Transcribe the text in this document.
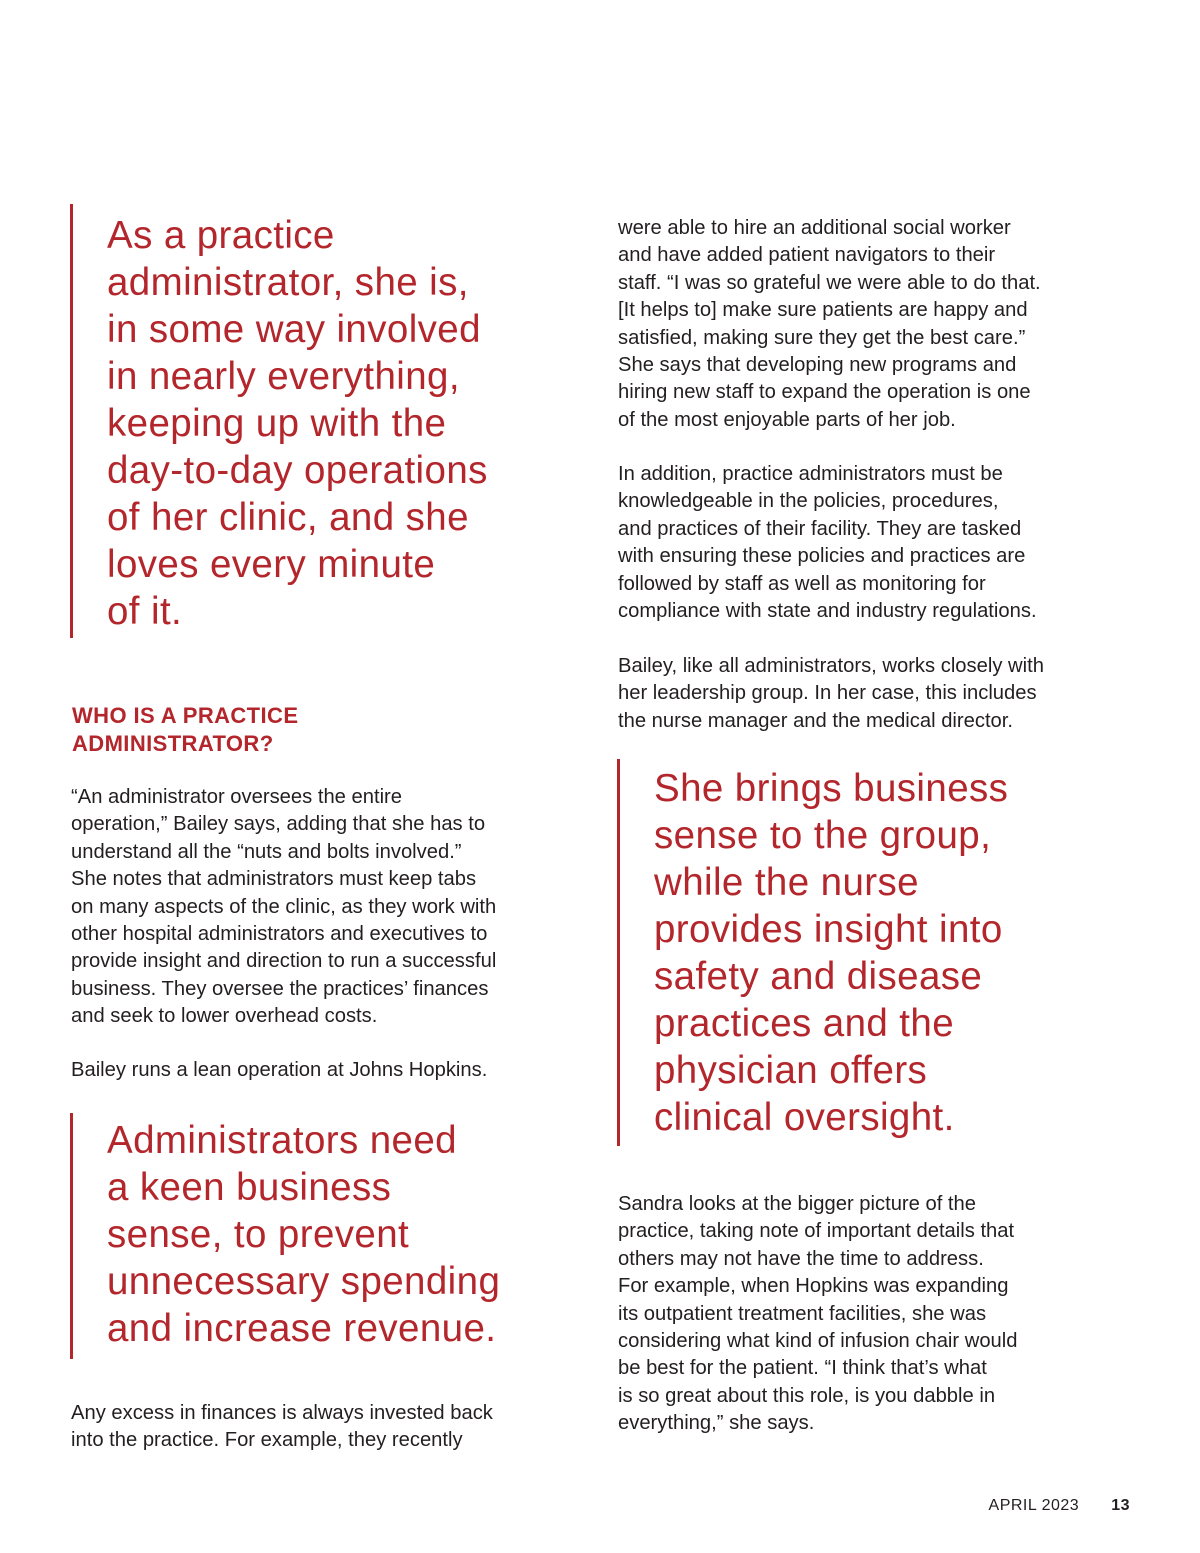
As a practice
administrator, she is,
in some way involved
in nearly everything,
keeping up with the
day-to-day operations
of her clinic, and she
loves every minute
of it.
WHO IS A PRACTICE
ADMINISTRATOR?
“An administrator oversees the entire
operation,” Bailey says, adding that she has to
understand all the “nuts and bolts involved.”
She notes that administrators must keep tabs
on many aspects of the clinic, as they work with
other hospital administrators and executives to
provide insight and direction to run a successful
business. They oversee the practices’ finances
and seek to lower overhead costs.
Bailey runs a lean operation at Johns Hopkins.
Administrators need
a keen business
sense, to prevent
unnecessary spending
and increase revenue.
Any excess in finances is always invested back
into the practice. For example, they recently
were able to hire an additional social worker
and have added patient navigators to their
staff. “I was so grateful we were able to do that.
[It helps to] make sure patients are happy and
satisfied, making sure they get the best care.”
She says that developing new programs and
hiring new staff to expand the operation is one
of the most enjoyable parts of her job.
In addition, practice administrators must be
knowledgeable in the policies, procedures,
and practices of their facility. They are tasked
with ensuring these policies and practices are
followed by staff as well as monitoring for
compliance with state and industry regulations.
Bailey, like all administrators, works closely with
her leadership group. In her case, this includes
the nurse manager and the medical director.
She brings business
sense to the group,
while the nurse
provides insight into
safety and disease
practices and the
physician offers
clinical oversight.
Sandra looks at the bigger picture of the
practice, taking note of important details that
others may not have the time to address.
For example, when Hopkins was expanding
its outpatient treatment facilities, she was
considering what kind of infusion chair would
be best for the patient. “I think that’s what
is so great about this role, is you dabble in
everything,” she says.
APRIL 2023 13
